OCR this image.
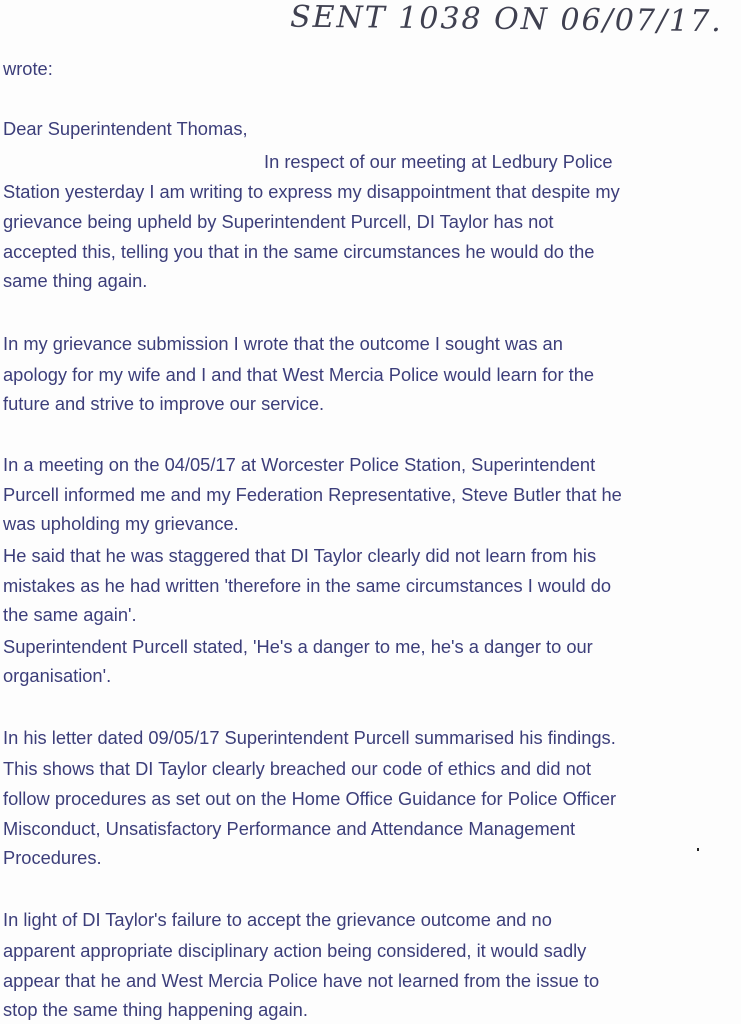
SENT 1038 ON 06/07/17.
wrote:
Dear Superintendent Thomas,
In respect of our meeting at Ledbury Police
Station yesterday I am writing to express my disappointment that despite my
grievance being upheld by Superintendent Purcell, DI Taylor has not
accepted this, telling you that in the same circumstances he would do the
same thing again.
In my grievance submission I wrote that the outcome I sought was an
apology for my wife and I and that West Mercia Police would learn for the
future and strive to improve our service.
In a meeting on the 04/05/17 at Worcester Police Station, Superintendent
Purcell informed me and my Federation Representative, Steve Butler that he
was upholding my grievance.
He said that he was staggered that DI Taylor clearly did not learn from his
mistakes as he had written 'therefore in the same circumstances I would do
the same again'.
Superintendent Purcell stated, 'He's a danger to me, he's a danger to our
organisation'.
In his letter dated 09/05/17 Superintendent Purcell summarised his findings.
This shows that DI Taylor clearly breached our code of ethics and did not
follow procedures as set out on the Home Office Guidance for Police Officer
Misconduct, Unsatisfactory Performance and Attendance Management
Procedures.
In light of DI Taylor's failure to accept the grievance outcome and no
apparent appropriate disciplinary action being considered, it would sadly
appear that he and West Mercia Police have not learned from the issue to
stop the same thing happening again.
